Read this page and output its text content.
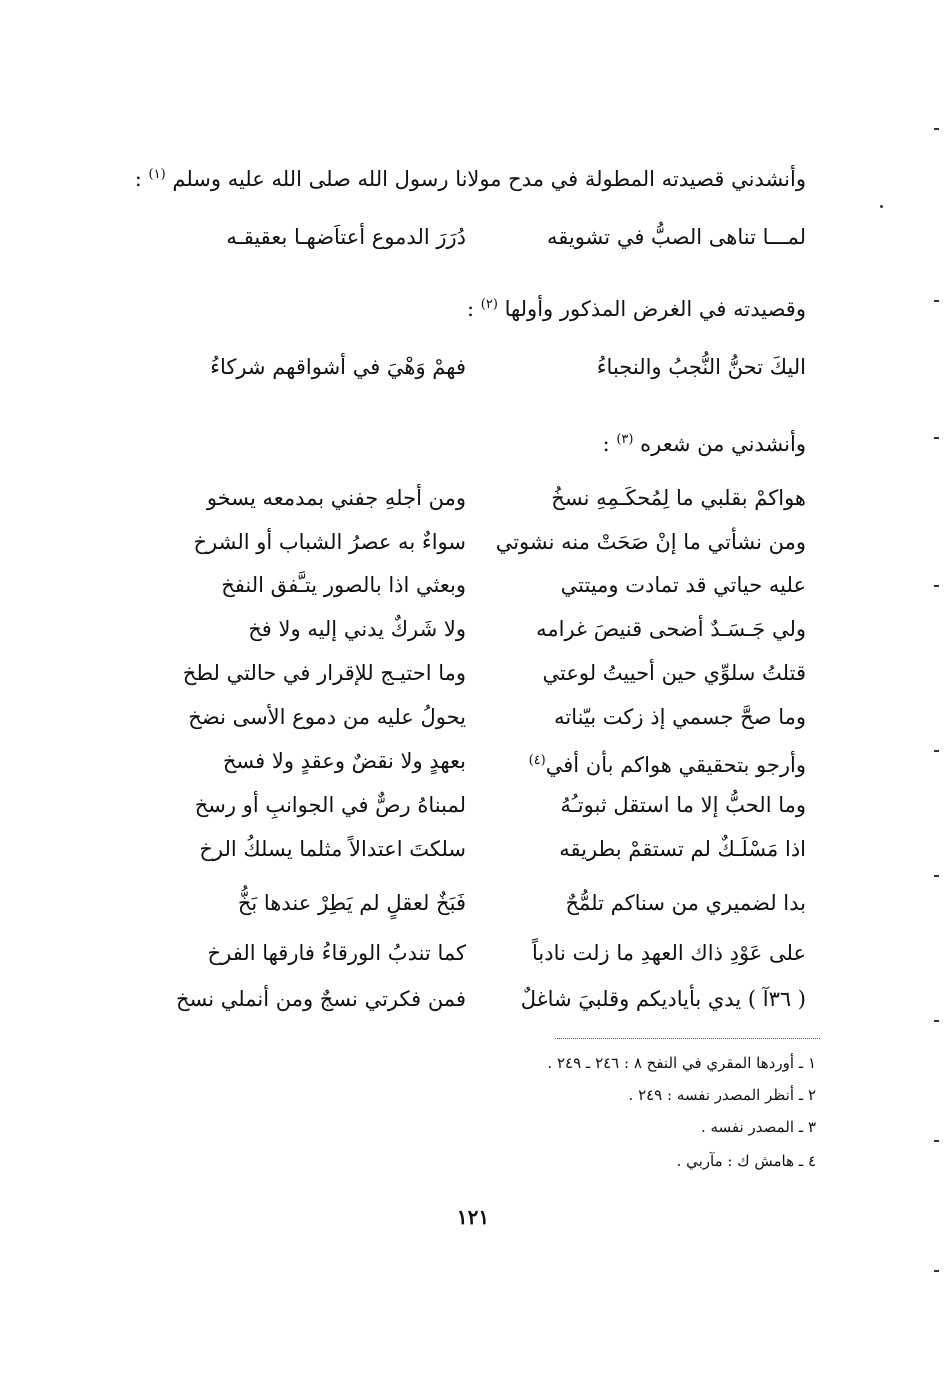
وأنشدني قصيدته المطولة في مدح مولانا رسول الله صلى الله عليه وسلم $^{(١)}$ :
لمـــا تناهى الصبُّ في تشويقه
دُرَرَ الدموع أعتاَضهـا بعقيقـه
وقصيدته في الغرض المذكور وأولها $^{(٢)}$ :
اليكَ تحنُّ النُّجبُ والنجباءُ
فهمْ وَهْيَ في أشواقهم شركاءُ
وأنشدني من شعره $^{(٣)}$ :
هواكمْ بقلبي ما لِمُحكَـمِهِ نسخُ
ومن أجلهِ جفني بمدمعه يسخو
ومن نشأتي ما إنْ صَحَتْ منه نشوتي
سواءٌ به عصرُ الشباب أو الشرخ
عليه حياتي قد تمادت وميتتي
وبعثي اذا بالصور يتـَّفق النفخ
ولي جَـسَـدٌ أضحى قنيصَ غرامه
ولا شَركٌ يدني إليه ولا فخ
قتلتُ سلوِّي حين أحييتُ لوعتي
وما احتيـج للإقرار في حالتي لطخ
وما صحَّ جسمي إذ زكت بيّناته
يحولُ عليه من دموع الأسى نضخ
وأرجو بتحقيقي هواكم بأن أفي$^{(٤)}$
بعهدٍ ولا نقضٌ وعقدٍ ولا فسخ
وما الحبُّ إلا ما استقل ثبوتـُهُ
لمبناهُ رصٌّ في الجوانبِ أو رسخ
اذا مَسْلَـكٌ لم تستقمْ بطريقه
سلكتَ اعتدالاً مثلما يسلكُ الرخ
بدا لضميري من سناكم تلمُّحٌ
فَبَخٌ لعقلٍ لم يَطِرْ عندها بَخُّ
على عَوْدِ ذاك العهدِ ما زلت نادباً
كما تندبُ الورقاءُ فارقها الفرخ
( ٣٦آ ) يدي بأياديكم وقلبيَ شاغلٌ
فمن فكرتي نسجٌ ومن أنملي نسخ
١ ـ أوردها المقري في النفح ٨ : ٢٤٦ ـ ٢٤٩ .
٢ ـ أنظر المصدر نفسه : ٢٤٩ .
٣ ـ المصدر نفسه .
٤ ـ هامش ك : مآربي .
١٢١
